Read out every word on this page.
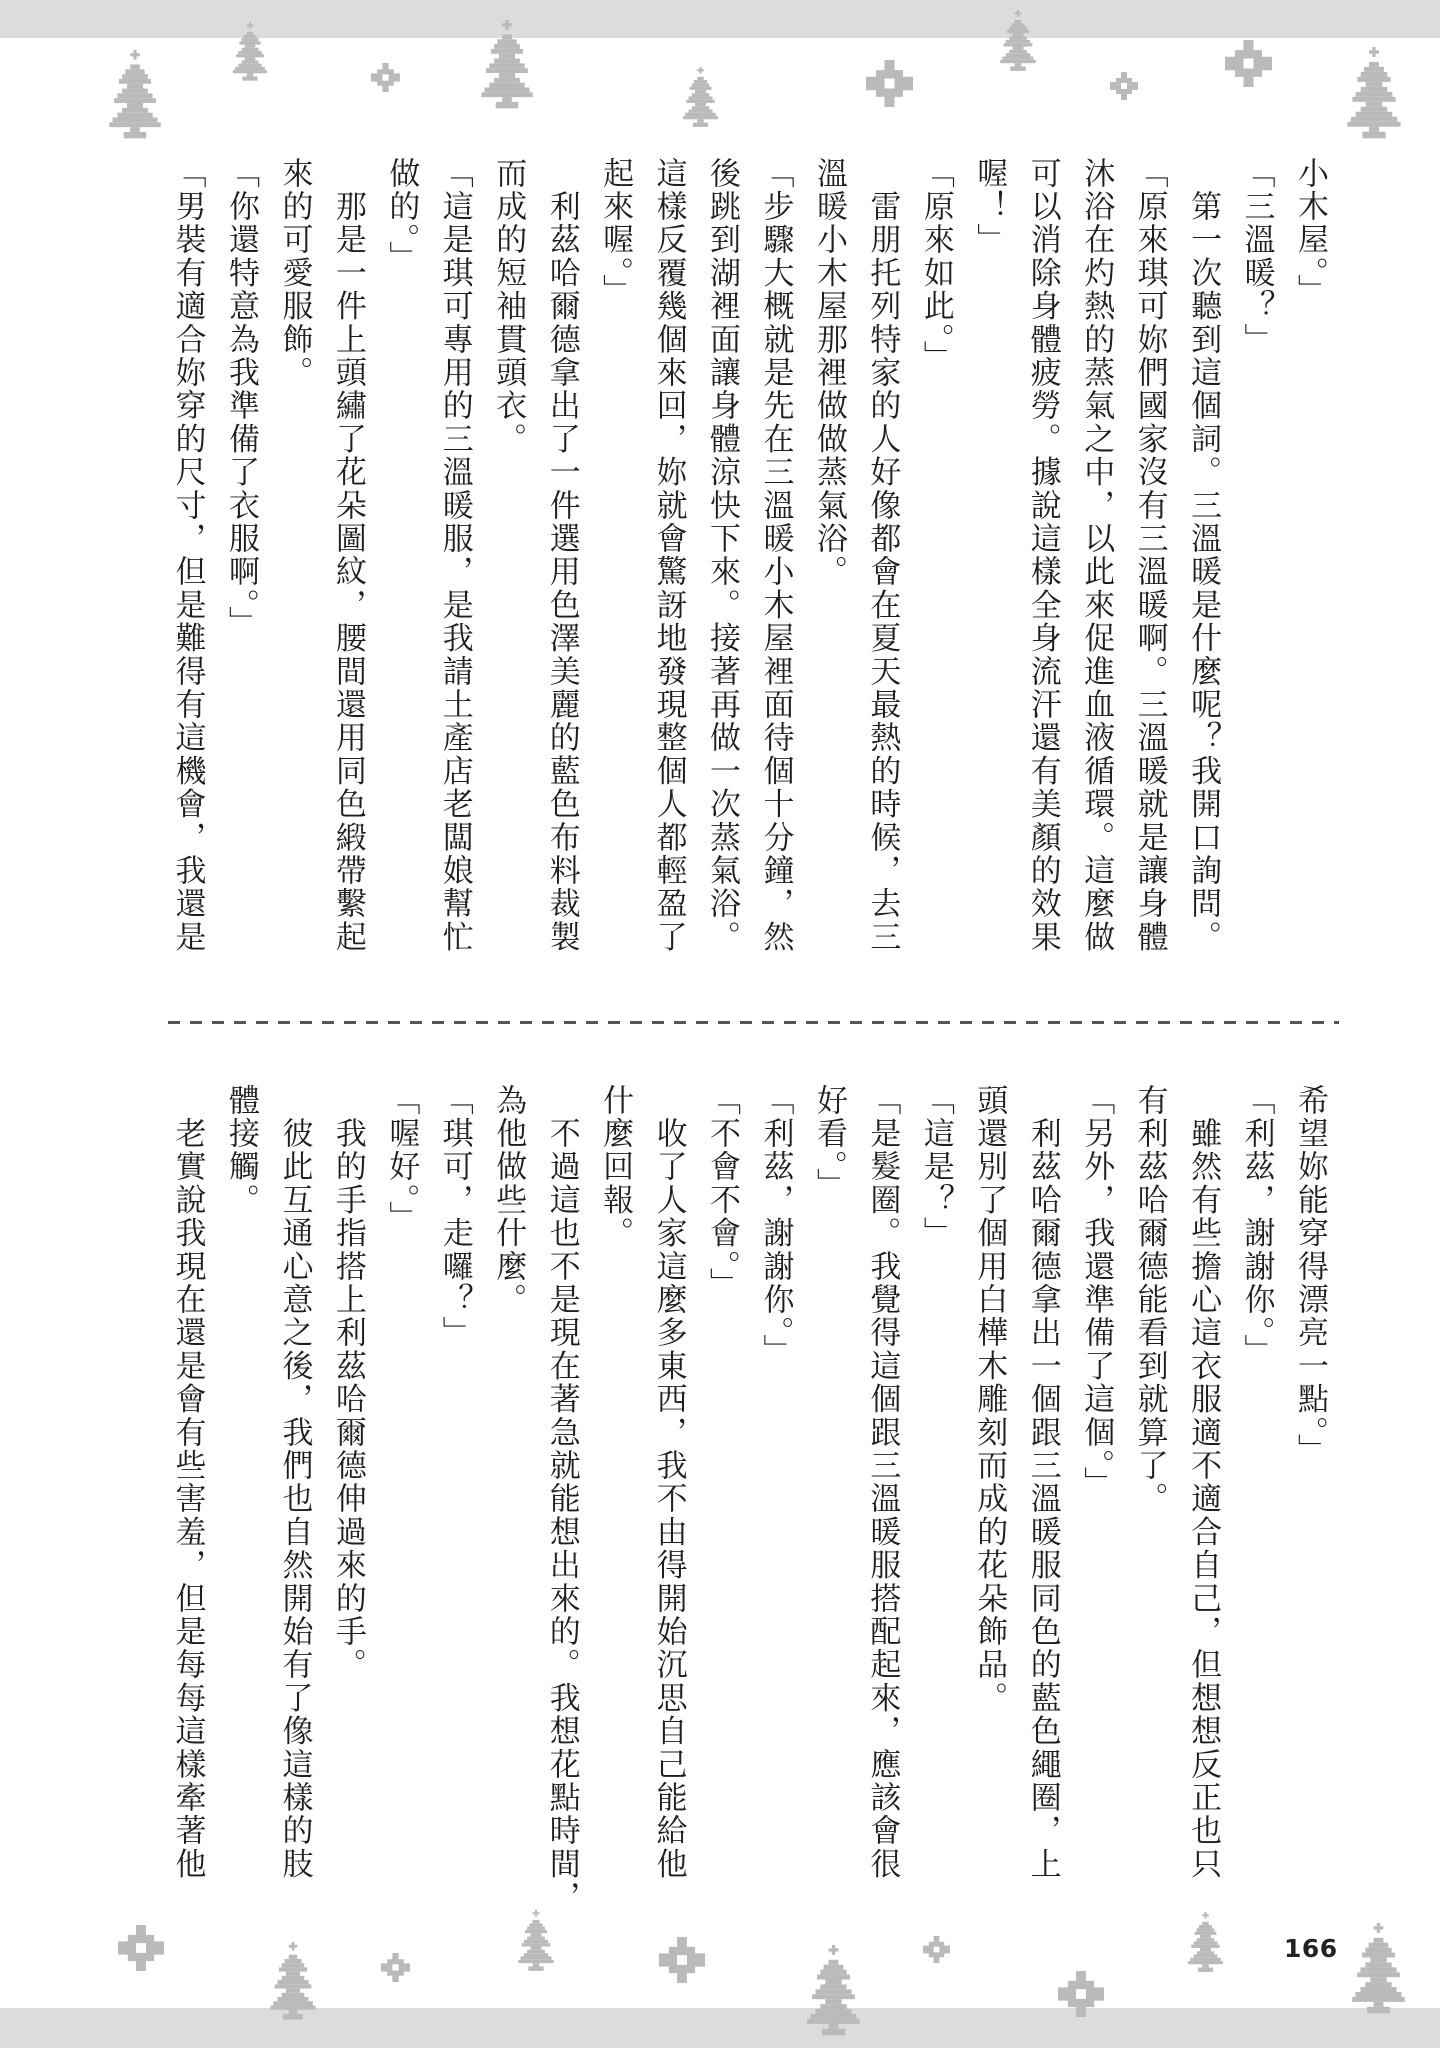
小木屋。」
「三溫暖？」
　第一次聽到這個詞。三溫暖是什麼呢？我開口詢問。
「原來琪可妳們國家沒有三溫暖啊。三溫暖就是讓身體
沐浴在灼熱的蒸氣之中，以此來促進血液循環。這麼做
可以消除身體疲勞。據說這樣全身流汗還有美顏的效果
喔！」
「原來如此。」
　雷朋托列特家的人好像都會在夏天最熱的時候，去三
溫暖小木屋那裡做做蒸氣浴。
「步驟大概就是先在三溫暖小木屋裡面待個十分鐘，然
後跳到湖裡面讓身體涼快下來。接著再做一次蒸氣浴。
這樣反覆幾個來回，妳就會驚訝地發現整個人都輕盈了
起來喔。」
　利茲哈爾德拿出了一件選用色澤美麗的藍色布料裁製
而成的短袖貫頭衣。
「這是琪可專用的三溫暖服，是我請土產店老闆娘幫忙
做的。」
　那是一件上頭繡了花朵圖紋，腰間還用同色緞帶繫起
來的可愛服飾。
「你還特意為我準備了衣服啊。」
「男裝有適合妳穿的尺寸，但是難得有這機會，我還是
希望妳能穿得漂亮一點。」
「利茲，謝謝你。」
　雖然有些擔心這衣服適不適合自己，但想想反正也只
有利茲哈爾德能看到就算了。
「另外，我還準備了這個。」
　利茲哈爾德拿出一個跟三溫暖服同色的藍色繩圈，上
頭還別了個用白樺木雕刻而成的花朵飾品。
「這是？」
「是髮圈。我覺得這個跟三溫暖服搭配起來，應該會很
好看。」
「利茲，謝謝你。」
「不會不會。」
　收了人家這麼多東西，我不由得開始沉思自己能給他
什麼回報。
　不過這也不是現在著急就能想出來的。我想花點時間，
為他做些什麼。
「琪可，走囉？」
「喔好。」
　我的手指搭上利茲哈爾德伸過來的手。
　彼此互通心意之後，我們也自然開始有了像這樣的肢
體接觸。
　老實說我現在還是會有些害羞，但是每每這樣牽著他
166
